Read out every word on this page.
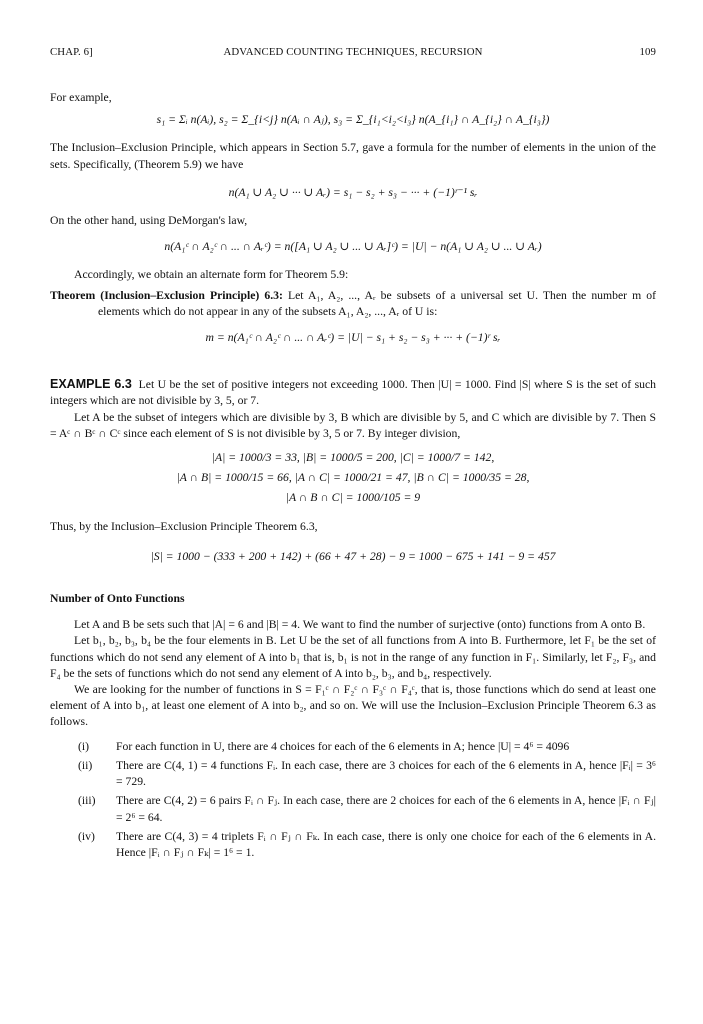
CHAP. 6]	ADVANCED COUNTING TECHNIQUES, RECURSION	109

For example,

s₁ = Σᵢ n(Aᵢ), s₂ = Σ_{i<j} n(Aᵢ ∩ Aⱼ), s₃ = Σ_{i₁<i₂<i₃} n(A_{i₁} ∩ A_{i₂} ∩ A_{i₃})

The Inclusion–Exclusion Principle, which appears in Section 5.7, gave a formula for the number of elements in the union of the sets. Specifically, (Theorem 5.9) we have

n(A₁ ∪ A₂ ∪ ··· ∪ Aᵣ) = s₁ − s₂ + s₃ − ··· + (−1)ʳ⁻¹ sᵣ

On the other hand, using DeMorgan's law,

n(A₁ᶜ ∩ A₂ᶜ ∩ ... ∩ Aᵣᶜ) = n([A₁ ∪ A₂ ∪ ... ∪ Aᵣ]ᶜ) = |U| − n(A₁ ∪ A₂ ∪ ... ∪ Aᵣ)

Accordingly, we obtain an alternate form for Theorem 5.9:

Theorem (Inclusion–Exclusion Principle) 6.3: Let A₁, A₂, ..., Aᵣ be subsets of a universal set U. Then the number m of elements which do not appear in any of the subsets A₁, A₂, ..., Aᵣ of U is:

m = n(A₁ᶜ ∩ A₂ᶜ ∩ ... ∩ Aᵣᶜ) = |U| − s₁ + s₂ − s₃ + ··· + (−1)ʳ sᵣ

EXAMPLE 6.3 Let U be the set of positive integers not exceeding 1000. Then |U| = 1000. Find |S| where S is the set of such integers which are not divisible by 3, 5, or 7.

Let A be the subset of integers which are divisible by 3, B which are divisible by 5, and C which are divisible by 7. Then S = Aᶜ ∩ Bᶜ ∩ Cᶜ since each element of S is not divisible by 3, 5 or 7. By integer division,

|A| = 1000/3 = 33, |B| = 1000/5 = 200, |C| = 1000/7 = 142,

|A ∩ B| = 1000/15 = 66, |A ∩ C| = 1000/21 = 47, |B ∩ C| = 1000/35 = 28,

|A ∩ B ∩ C| = 1000/105 = 9

Thus, by the Inclusion–Exclusion Principle Theorem 6.3,

|S| = 1000 − (333 + 200 + 142) + (66 + 47 + 28) − 9 = 1000 − 675 + 141 − 9 = 457

Number of Onto Functions

Let A and B be sets such that |A| = 6 and |B| = 4. We want to find the number of surjective (onto) functions from A onto B.

Let b₁, b₂, b₃, b₄ be the four elements in B. Let U be the set of all functions from A into B. Furthermore, let F₁ be the set of functions which do not send any element of A into b₁ that is, b₁ is not in the range of any function in F₁. Similarly, let F₂, F₃, and F₄ be the sets of functions which do not send any element of A into b₂, b₃, and b₄, respectively.

We are looking for the number of functions in S = F₁ᶜ ∩ F₂ᶜ ∩ F₃ᶜ ∩ F₄ᶜ, that is, those functions which do send at least one element of A into b₁, at least one element of A into b₂, and so on. We will use the Inclusion–Exclusion Principle Theorem 6.3 as follows.

(i) For each function in U, there are 4 choices for each of the 6 elements in A; hence |U| = 4⁶ = 4096
(ii) There are C(4, 1) = 4 functions Fᵢ. In each case, there are 3 choices for each of the 6 elements in A, hence |Fᵢ| = 3⁶ = 729.
(iii) There are C(4, 2) = 6 pairs Fᵢ ∩ Fⱼ. In each case, there are 2 choices for each of the 6 elements in A, hence |Fᵢ ∩ Fⱼ| = 2⁶ = 64.
(iv) There are C(4, 3) = 4 triplets Fᵢ ∩ Fⱼ ∩ Fₖ. In each case, there is only one choice for each of the 6 elements in A. Hence |Fᵢ ∩ Fⱼ ∩ Fₖ| = 1⁶ = 1.
